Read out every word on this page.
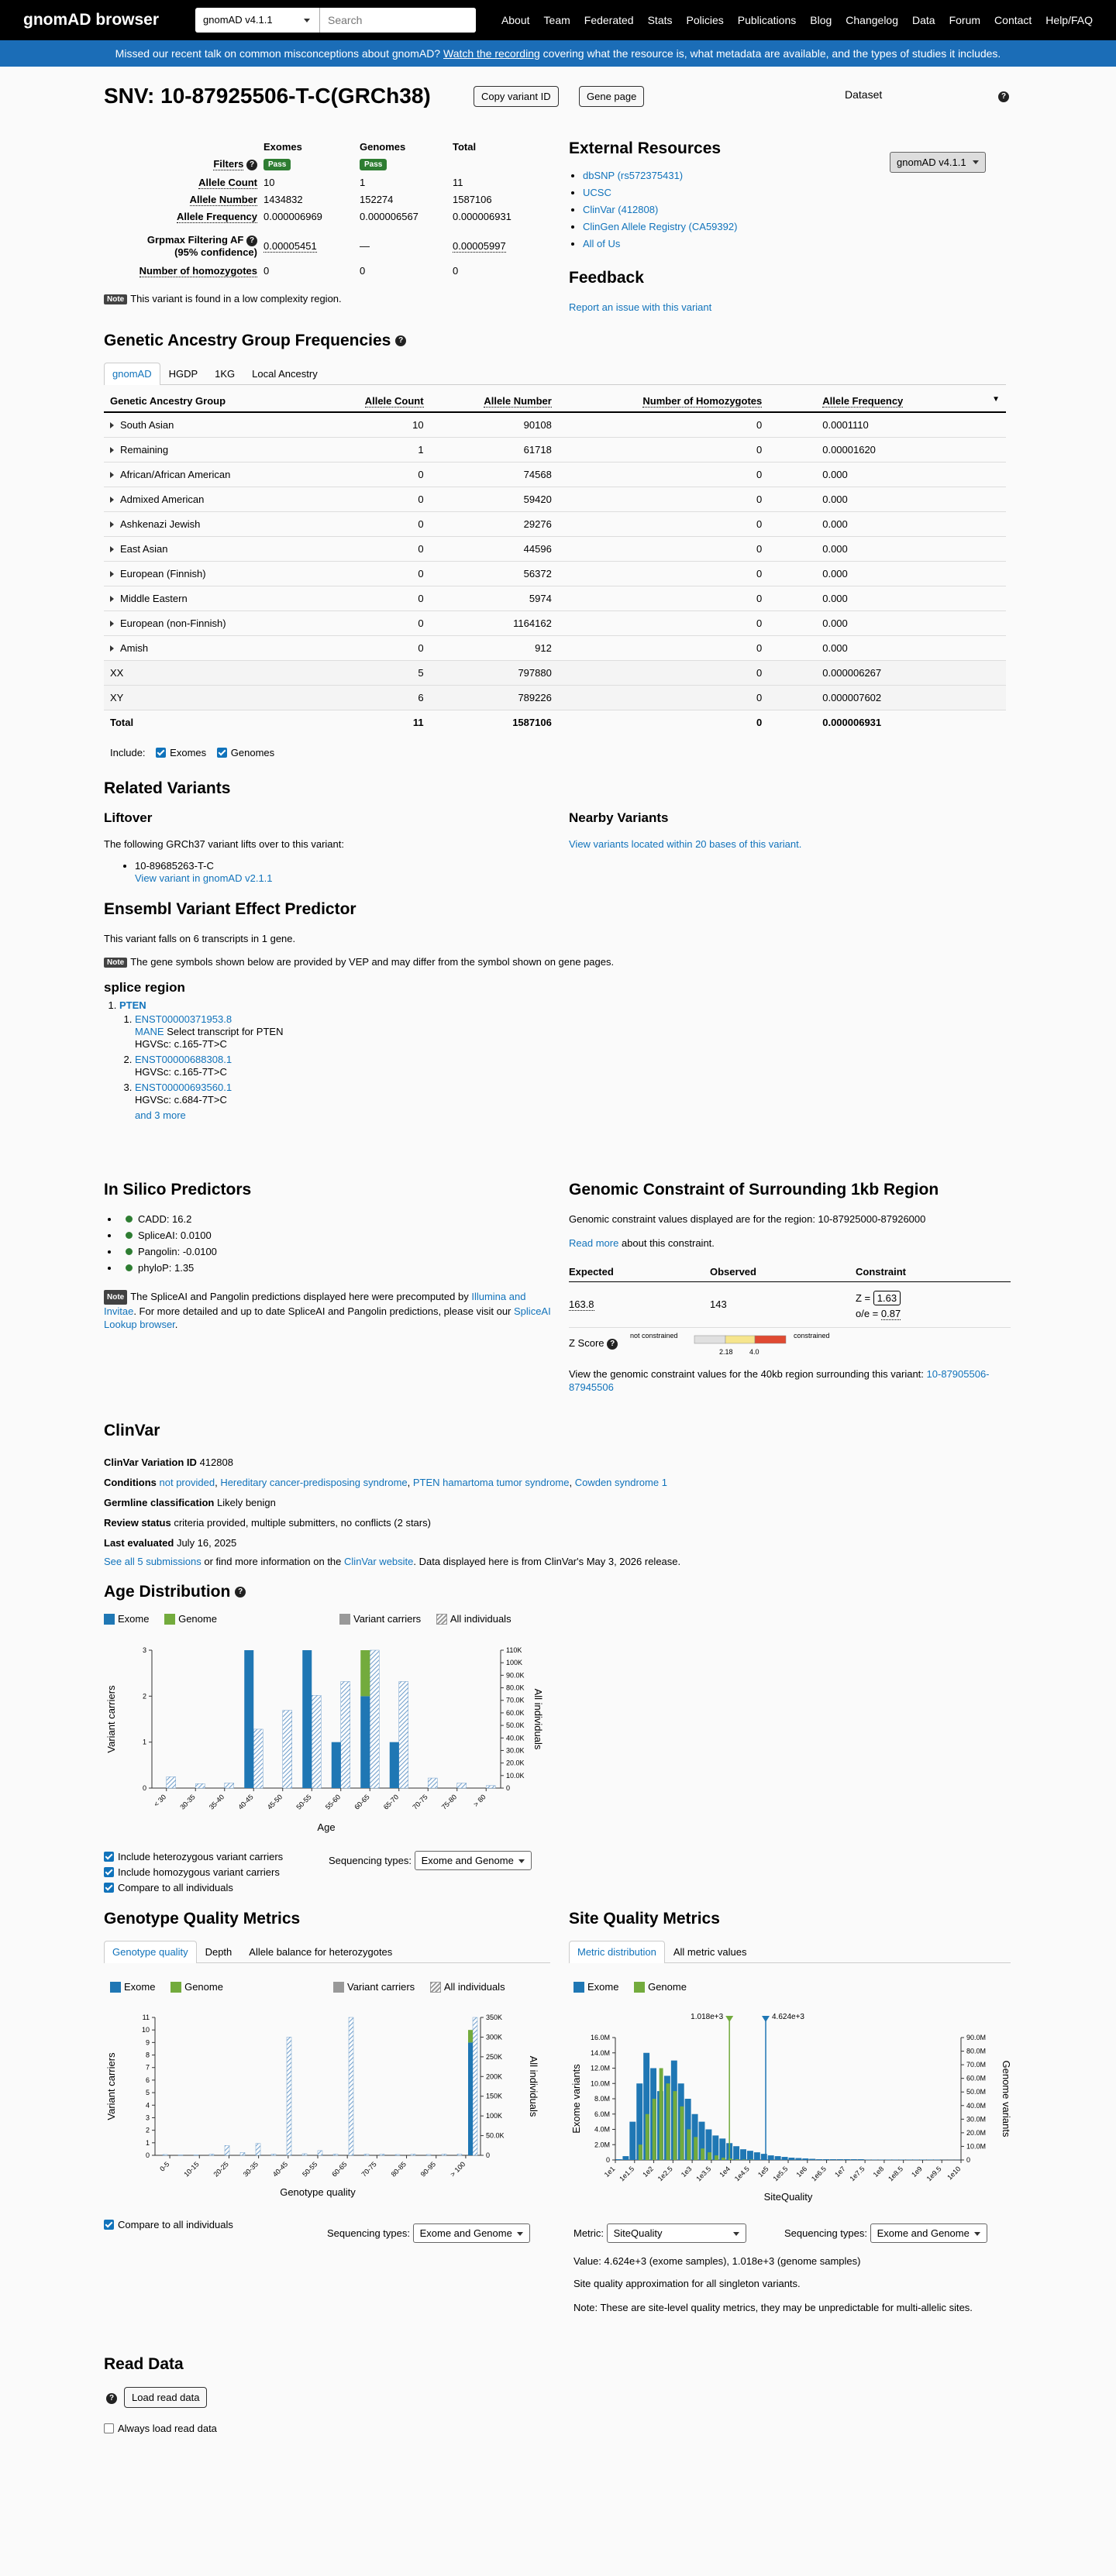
gnomAD browser	gnomAD v4.1.1
Search	About Team Federated Stats Policies Publications Blog Changelog Data Forum Contact Help/FAQ
Missed our recent talk on common misconceptions about gnomAD? Watch the recording covering what the resource is, what metadata are available, and the types of studies it includes.
SNV: 10-87925506-T-C(GRCh38)	Copy variant ID	Gene page	Dataset
gnomAD v4.1.1
?
Exomes	Genomes	Total
Filters ?	Pass	Pass
Allele Count 10	1	11
Allele Number 1434832	152274	1587106
Allele Frequency 0.000006969	0.000006567	0.000006931
Grpmax Filtering AF ?
(95% confidence)
0.00005451	—	0.00005997
Number of homozygotes 0	0	0
Note This variant is found in a low complexity region.
External Resources
• dbSNP (rs572375431)
• UCSC
• ClinVar (412808)
• ClinGen Allele Registry (CA59392)
• All of Us
Feedback
Report an issue with this variant
Genetic Ancestry Group Frequencies ?
gnomAD	HGDP	1KG	Local Ancestry
Genetic Ancestry Group	Allele Count	Allele Number	Number of Homozygotes	Allele Frequency ▼

South Asian	10	90108	0	0.0001110
Remaining	1	61718	0	0.00001620
African/African American	0	74568	0	0.000
Admixed American	0	59420	0	0.000
Ashkenazi Jewish	0	29276	0	0.000
East Asian	0	44596	0	0.000
European (Finnish)	0	56372	0	0.000
Middle Eastern	0	5974	0	0.000
European (non-Finnish)	0	1164162	0	0.000
Amish	0	912	0	0.000
XX	5	797880	0	0.000006267
XY	6	789226	0	0.000007602
Total	11	1587106	0	0.000006931
Include: Exomes Genomes
Related Variants
Liftover
The following GRCh37 variant lifts over to this variant:
• 10-89685263-T-C
View variant in gnomAD v2.1.1
Nearby Variants
View variants located within 20 bases of this variant.
Ensembl Variant Effect Predictor
This variant falls on 6 transcripts in 1 gene.
Note The gene symbols shown below are provided by VEP and may differ from the symbol shown on gene pages.
splice region
1. PTEN
1. ENST00000371953.8
MANE Select transcript for PTEN
HGVSc: c.165-7T>C
2. ENST00000688308.1
HGVSc: c.165-7T>C
3. ENST00000693560.1
HGVSc: c.684-7T>C
and 3 more
In Silico Predictors
• CADD: 16.2
• SpliceAI: 0.0100
• Pangolin: -0.0100
• phyloP: 1.35
Note The SpliceAI and Pangolin predictions displayed here were precomputed by Illumina and Invitae. For more detailed and up to date SpliceAI and Pangolin predictions, please visit our SpliceAI Lookup browser.
Genomic Constraint of Surrounding 1kb Region
Genomic constraint values displayed are for the region: 10-87925000-87926000
Read more about this constraint.
Expected	Observed	Constraint
163.8	143
Z = 1.63
o/e = 0.87
Z Score ?
not constrained
2.18 4.0
constrained
View the genomic constraint values for the 40kb region surrounding this variant: 10-87905506-87945506
ClinVar
ClinVar Variation ID 412808
Conditions not provided, Hereditary cancer-predisposing syndrome, PTEN hamartoma tumor syndrome, Cowden syndrome 1
Germline classification Likely benign
Review status criteria provided, multiple submitters, no conflicts (2 stars)
Last evaluated July 16, 2025
See all 5 submissions or find more information on the ClinVar website. Data displayed here is from ClinVar's May 3, 2026 release.
Age Distribution ?
Exome	Genome	Variant carriers	All individuals
0
1
2
3
0
10.0K
20.0K
30.0K
40.0K
50.0K
60.0K
70.0K
80.0K
90.0K
100K
110K
< 30 30-35 35-40 40-45 45-50 50-55 55-60 60-65 65-70 70-75 75-80 > 80
Age
Variant carriers	All individuals
Include heterozygous variant carriers
Include homozygous variant carriers
Compare to all individuals
Sequencing types: Exome and Genome
Genotype Quality Metrics
Genotype quality	Depth	Allele balance for heterozygotes
Exome	Genome	Variant carriers	All individuals
0
1
2
3
4
5
6
7
8
9
10
11
0
50.0K
100K
150K
200K
250K
300K
350K
0-5 10-15 20-25 30-35 40-45 50-55 60-65 70-75 80-85 90-95 > 100
Genotype quality
Variant carriers	All individuals
Compare to all individuals
Sequencing types: Exome and Genome
Site Quality Metrics
Metric distribution	All metric values
Exome	Genome
0
2.0M
4.0M
6.0M
8.0M
10.0M
12.0M
14.0M
16.0M
0
10.0M
20.0M
30.0M
40.0M
50.0M
60.0M
70.0M
80.0M
90.0M
1e1 1e1.5 1e2 1e2.5 1e3 1e3.5 1e4 1e4.5 1e5 1e5.5 1e6 1e6.5 1e7 1e7.5 1e8 1e8.5 1e9 1e9.5 1e10
SiteQuality
Exome variants	Genome variants
1.018e+3	4.624e+3
Metric: SiteQuality	Sequencing types: Exome and Genome
Value: 4.624e+3 (exome samples), 1.018e+3 (genome samples)
Site quality approximation for all singleton variants.
Note: These are site-level quality metrics, they may be unpredictable for multi-allelic sites.
Read Data
?	Load read data
Always load read data
